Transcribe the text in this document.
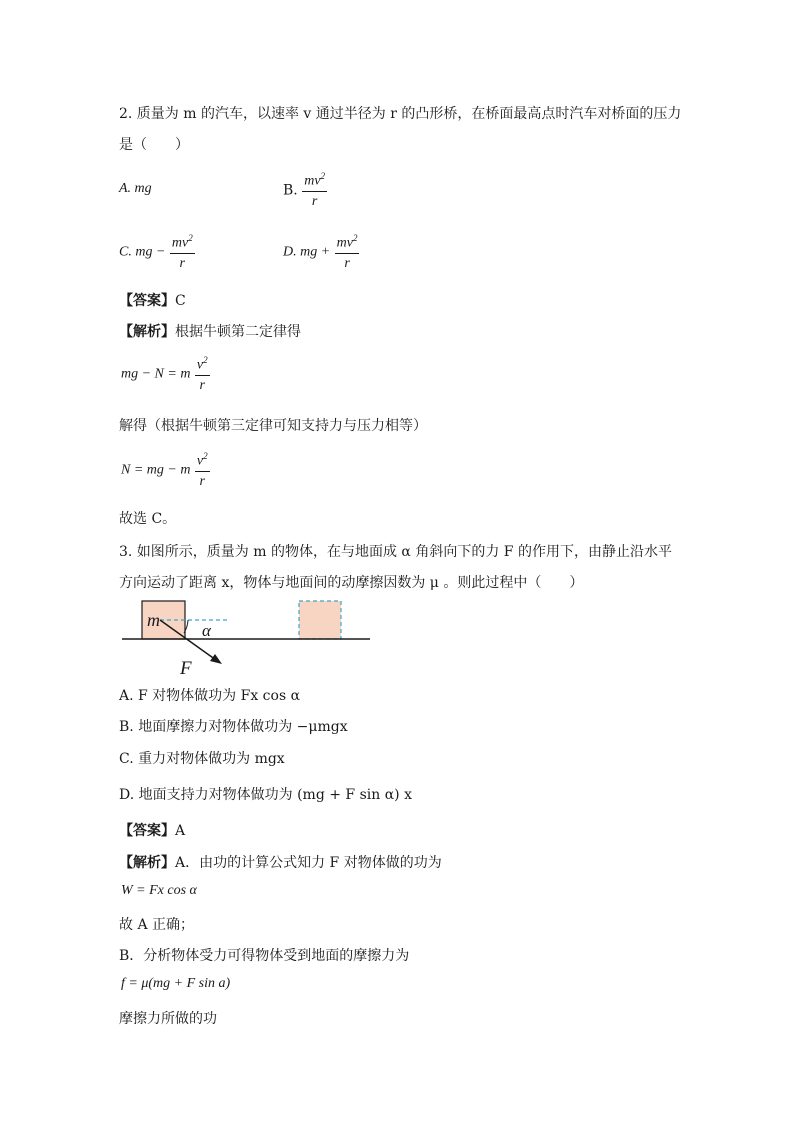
2. 质量为 m 的汽车，以速率 v 通过半径为 r 的凸形桥，在桥面最高点时汽车对桥面的压力
是（　　）
A. mg	B. $\frac{mv^2}{r}$
C. mg − $\frac{mv^2}{r}$	D. mg + $\frac{mv^2}{r}$
【答案】C
【解析】根据牛顿第二定律得
mg − N = m $\frac{v^2}{r}$
解得（根据牛顿第三定律可知支持力与压力相等）
N = mg − m $\frac{v^2}{r}$
故选 C。
3. 如图所示，质量为 m 的物体，在与地面成 α 角斜向下的力 F 的作用下，由静止沿水平
方向运动了距离 x，物体与地面间的动摩擦因数为 μ 。则此过程中（　　）
m
α
F
A. F 对物体做功为 Fx cos α
B. 地面摩擦力对物体做功为 −μmgx
C. 重力对物体做功为 mgx
D. 地面支持力对物体做功为 (mg + F sin α) x
【答案】A
【解析】A．由功的计算公式知力 F 对物体做的功为
W = Fx cos α
故 A 正确；
B．分析物体受力可得物体受到地面的摩擦力为
f = μ(mg + F sin a)
摩擦力所做的功
